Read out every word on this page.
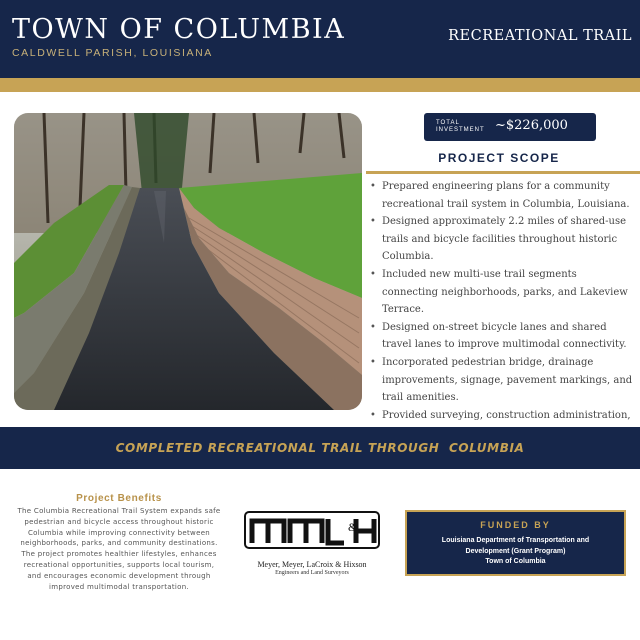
TOWN OF COLUMBIA
CALDWELL PARISH, LOUISIANA
RECREATIONAL TRAIL
TOTAL INVESTMENT ~$226,000
PROJECT SCOPE
• Prepared engineering plans for a community recreational trail system in Columbia, Louisiana.
• Designed approximately 2.2 miles of shared-use trails and bicycle facilities throughout historic Columbia.
• Included new multi-use trail segments connecting neighborhoods, parks, and Lakeview Terrace.
• Designed on-street bicycle lanes and shared travel lanes to improve multimodal connectivity.
• Incorporated pedestrian bridge, drainage improvements, signage, pavement markings, and trail amenities.
• Provided surveying, construction administration,
COMPLETED RECREATIONAL TRAIL THROUGH  COLUMBIA
Project Benefits
The Columbia Recreational Trail System expands safe pedestrian and bicycle access throughout historic Columbia while improving connectivity between neighborhoods, parks, and community destinations. The project promotes healthier lifestyles, enhances recreational opportunities, supports local tourism, and encourages economic development through improved multimodal transportation.
&
Meyer, Meyer, LaCroix & Hixson
Engineers and Land Surveyors
FUNDED BY
Louisiana Department of Transportation and
Development (Grant Program)
Town of Columbia
